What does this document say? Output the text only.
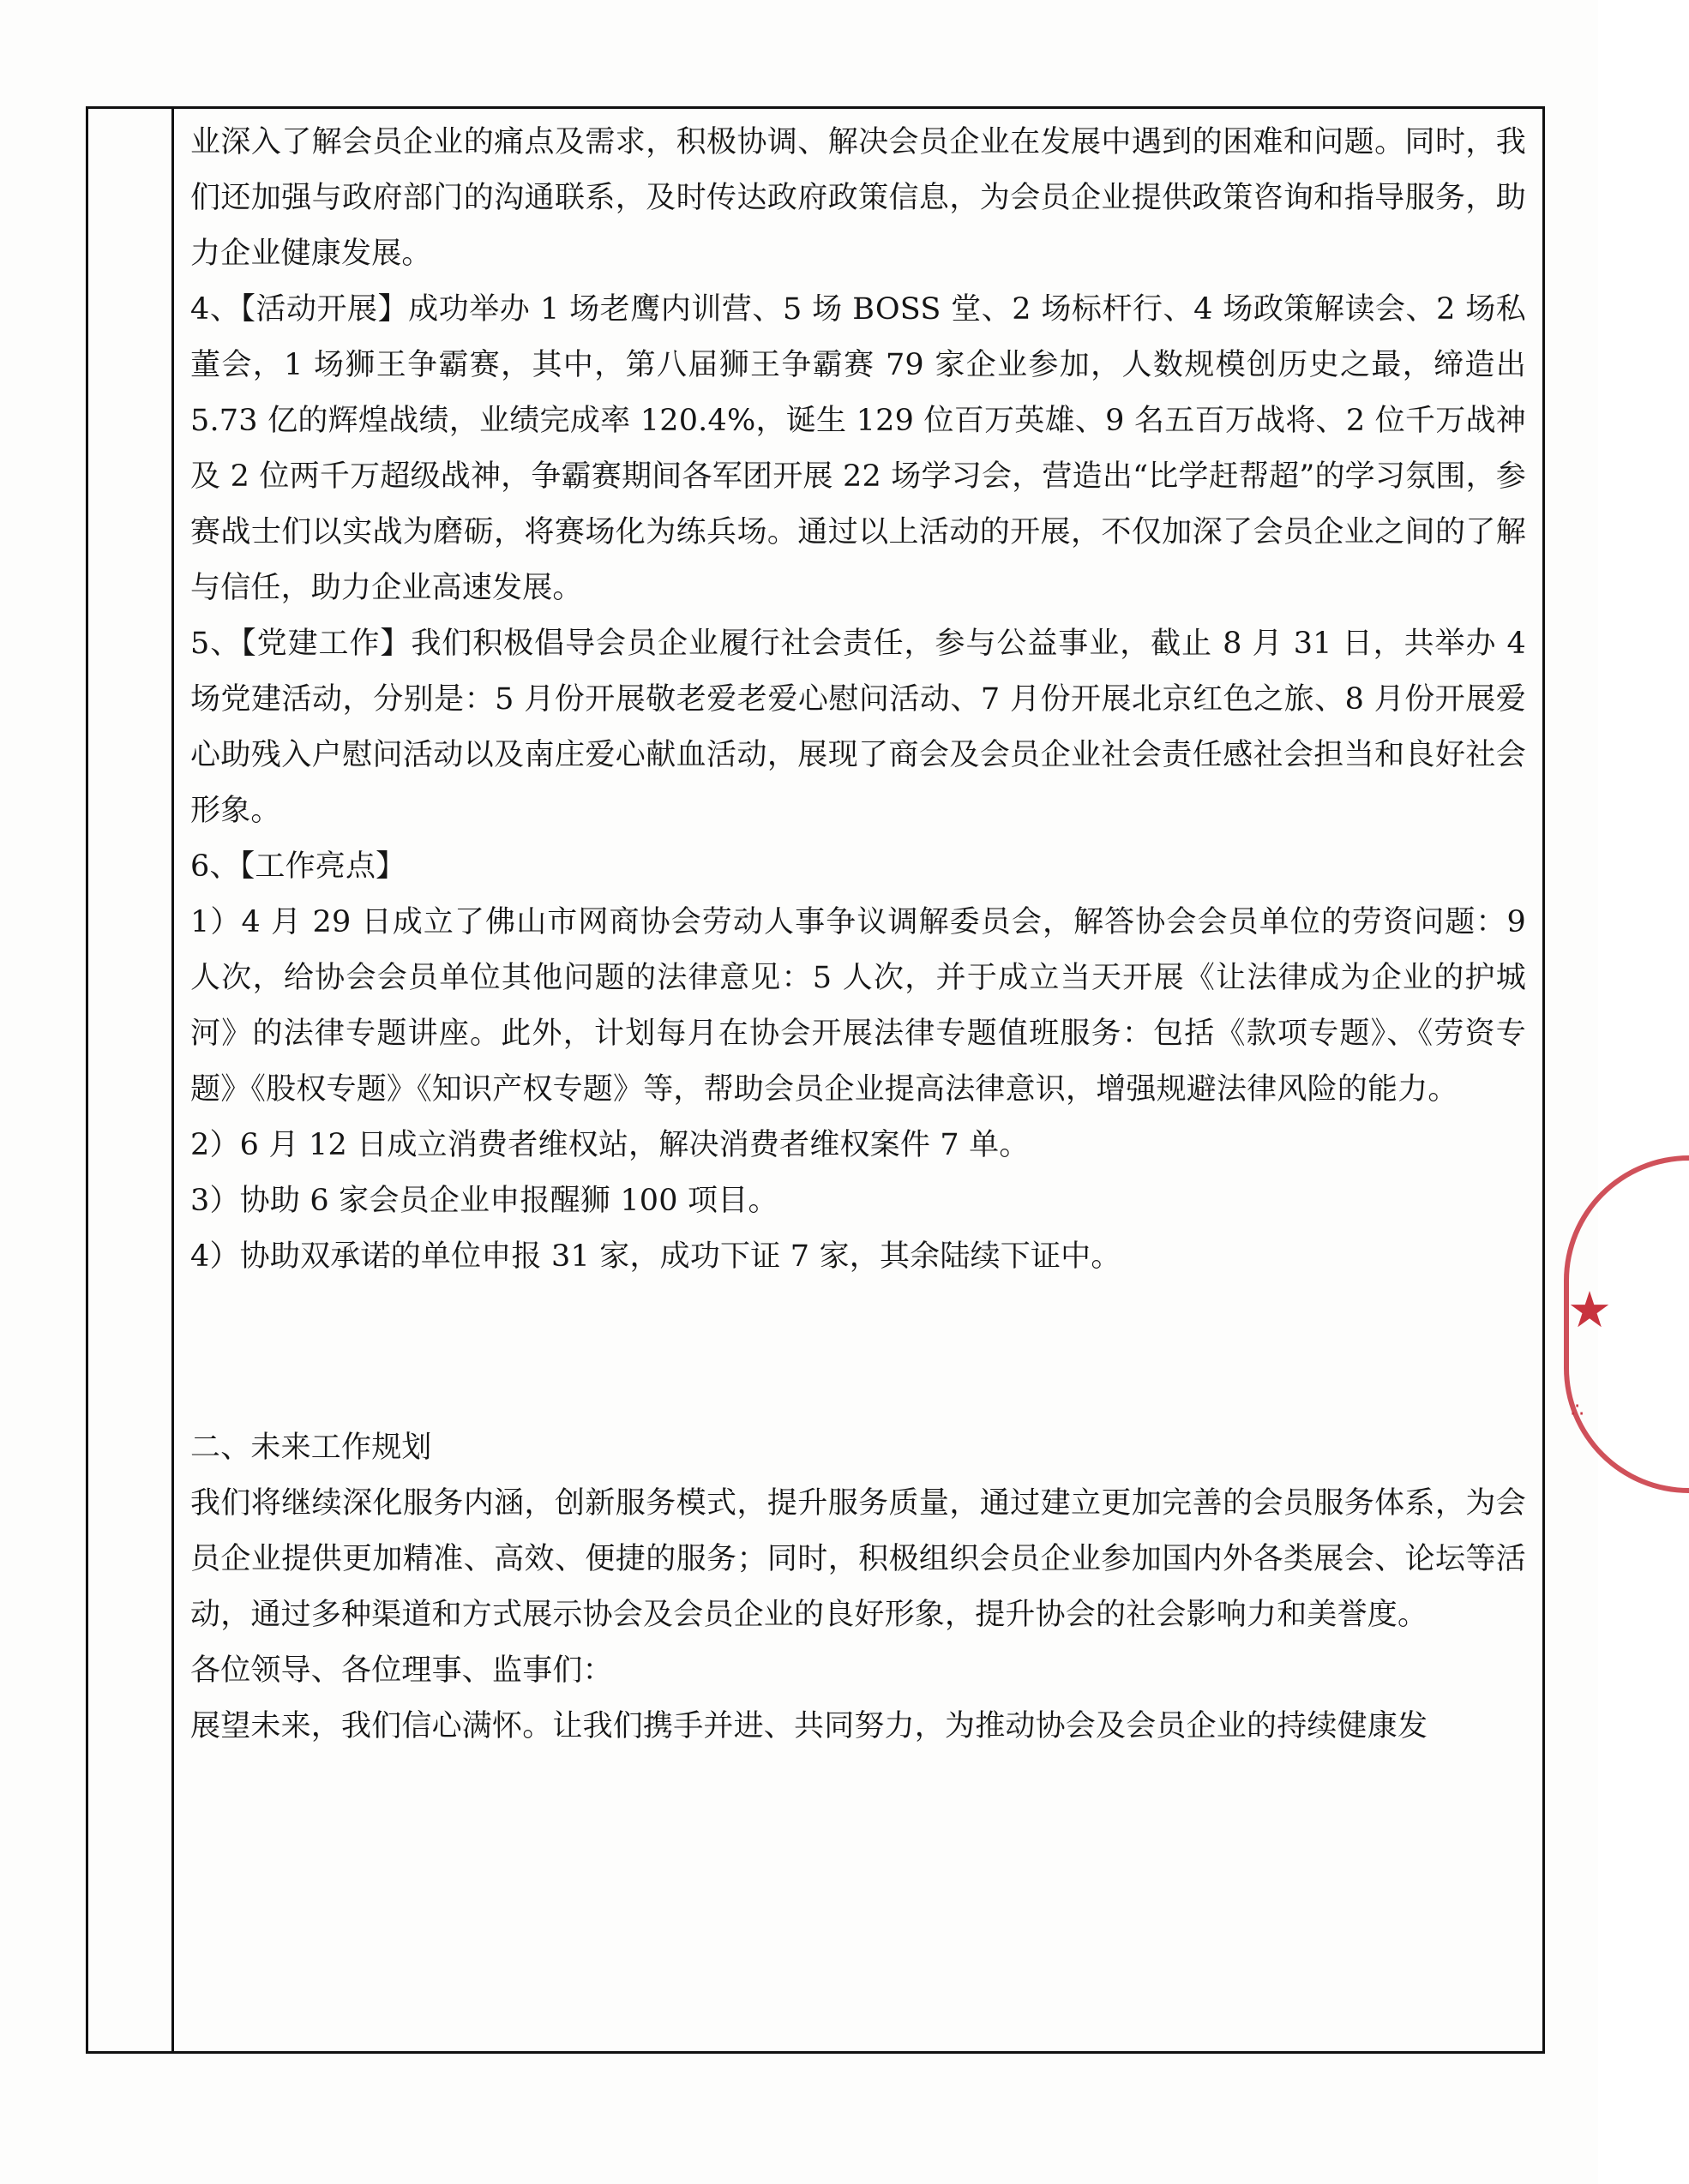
业深入了解会员企业的痛点及需求，积极协调、解决会员企业在发展中遇到的困难和问题。同时，我们还加强与政府部门的沟通联系，及时传达政府政策信息，为会员企业提供政策咨询和指导服务，助力企业健康发展。

4、【活动开展】成功举办 1 场老鹰内训营、5 场 BOSS 堂、2 场标杆行、4 场政策解读会、2 场私董会，1 场狮王争霸赛，其中，第八届狮王争霸赛 79 家企业参加，人数规模创历史之最，缔造出 5.73 亿的辉煌战绩，业绩完成率 120.4%，诞生 129 位百万英雄、9 名五百万战将、2 位千万战神及 2 位两千万超级战神，争霸赛期间各军团开展 22 场学习会，营造出“比学赶帮超”的学习氛围，参赛战士们以实战为磨砺，将赛场化为练兵场。通过以上活动的开展，不仅加深了会员企业之间的了解与信任，助力企业高速发展。

5、【党建工作】我们积极倡导会员企业履行社会责任，参与公益事业，截止 8 月 31 日，共举办 4 场党建活动，分别是：5 月份开展敬老爱老爱心慰问活动、7 月份开展北京红色之旅、8 月份开展爱心助残入户慰问活动以及南庄爱心献血活动，展现了商会及会员企业社会责任感社会担当和良好社会形象。

6、【工作亮点】

1）4 月 29 日成立了佛山市网商协会劳动人事争议调解委员会，解答协会会员单位的劳资问题：9 人次，给协会会员单位其他问题的法律意见：5 人次，并于成立当天开展《让法律成为企业的护城河》的法律专题讲座。此外，计划每月在协会开展法律专题值班服务：包括《款项专题》、《劳资专题》《股权专题》《知识产权专题》等，帮助会员企业提高法律意识，增强规避法律风险的能力。

2）6 月 12 日成立消费者维权站，解决消费者维权案件 7 单。

3）协助 6 家会员企业申报醒狮 100 项目。

4）协助双承诺的单位申报 31 家，成功下证 7 家，其余陆续下证中。

二、未来工作规划

我们将继续深化服务内涵，创新服务模式，提升服务质量，通过建立更加完善的会员服务体系，为会员企业提供更加精准、高效、便捷的服务；同时，积极组织会员企业参加国内外各类展会、论坛等活动，通过多种渠道和方式展示协会及会员企业的良好形象，提升协会的社会影响力和美誉度。

各位领导、各位理事、监事们：

展望未来，我们信心满怀。让我们携手并进、共同努力，为推动协会及会员企业的持续健康发

★
∴
